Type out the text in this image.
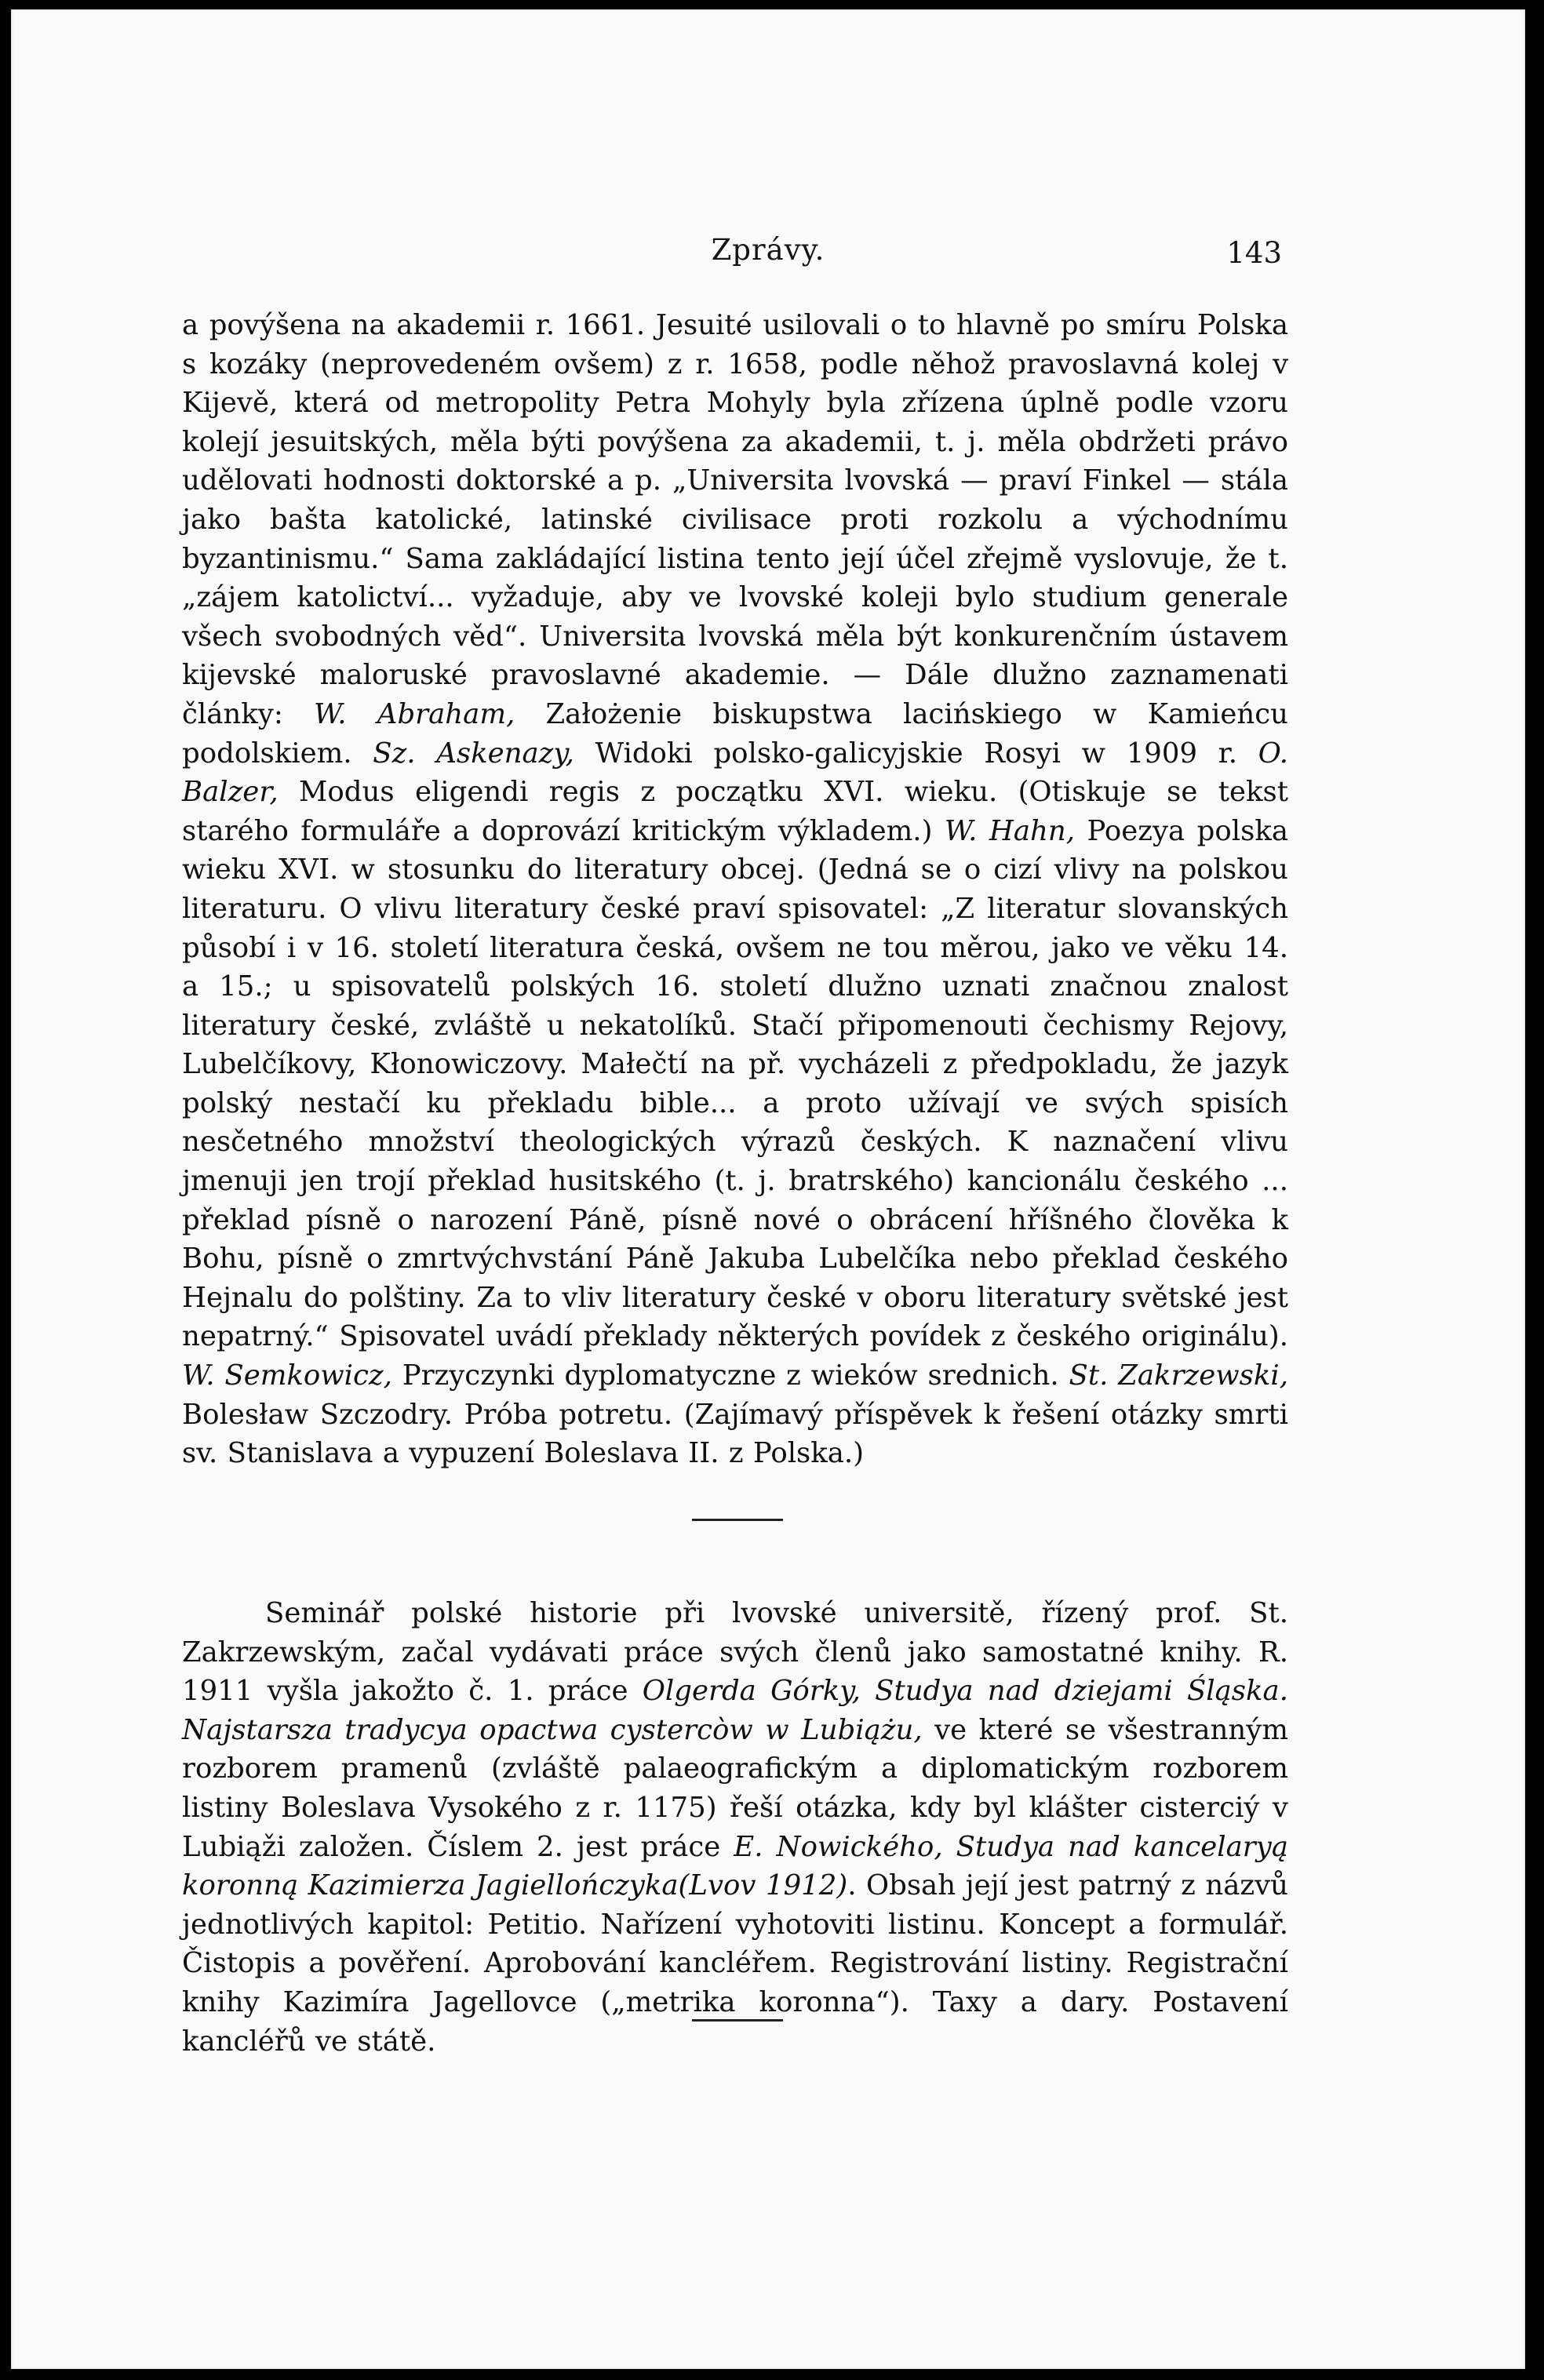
Zprávy.	143

a povýšena na akademii r. 1661. Jesuité usilovali o to hlavně po smíru Polska s kozáky (neprovedeném ovšem) z r. 1658, podle něhož pravoslavná kolej v Kijevě, která od metropolity Petra Mohyly byla zřízena úplně podle vzoru kolejí jesuitských, měla býti povýšena za akademii, t. j. měla obdržeti právo udělovati hodnosti doktorské a p. „Universita lvovská — praví Finkel — stála jako bašta katolické, latinské civilisace proti rozkolu a východnímu byzantinismu.“ Sama zakládající listina tento její účel zřejmě vyslovuje, že t. „zájem katolictví... vyžaduje, aby ve lvovské koleji bylo studium generale všech svobodných věd“. Universita lvovská měla být konkurenčním ústavem kijevské maloruské pravoslavné akademie. — Dále dlužno zaznamenati články: W. Abraham, Założenie biskupstwa lacińskiego w Kamieńcu podolskiem. Sz. Askenazy, Widoki polsko-galicyjskie Rosyi w 1909 r. O. Balzer, Modus eligendi regis z początku XVI. wieku. (Otiskuje se tekst starého formuláře a doprovází kritickým výkladem.) W. Hahn, Poezya polska wieku XVI. w stosunku do literatury obcej. (Jedná se o cizí vlivy na polskou literaturu. O vlivu literatury české praví spisovatel: „Z literatur slovanských působí i v 16. století literatura česká, ovšem ne tou měrou, jako ve věku 14. a 15.; u spisovatelů polských 16. století dlužno uznati značnou znalost literatury české, zvláště u nekatolíků. Stačí připomenouti čechismy Rejovy, Lubelčíkovy, Kłonowiczovy. Małečtí na př. vycházeli z předpokladu, že jazyk polský nestačí ku překladu bible... a proto užívají ve svých spisích nesčetného množství theologických výrazů českých. K naznačení vlivu jmenuji jen trojí překlad husitského (t. j. bratrského) kancionálu českého ... překlad písně o narození Páně, písně nové o obrácení hříšného člověka k Bohu, písně o zmrtvýchvstání Páně Jakuba Lubelčíka nebo překlad českého Hejnalu do polštiny. Za to vliv literatury české v oboru literatury světské jest nepatrný.“ Spisovatel uvádí překlady některých povídek z českého originálu). W. Semkowicz, Przyczynki dyplomatyczne z wieków srednich. St. Zakrzewski, Bolesław Szczodry. Próba potretu. (Zajímavý příspěvek k řešení otázky smrti sv. Stanislava a vypuzení Boleslava II. z Polska.)

Seminář polské historie při lvovské universitě, řízený prof. St. Zakrzewským, začal vydávati práce svých členů jako samostatné knihy. R. 1911 vyšla jakožto č. 1. práce Olgerda Górky, Studya nad dziejami Śląska. Najstarsza tradycya opactwa cystercòw w Lubiążu, ve které se všestranným rozborem pramenů (zvláště palaeografickým a diplomatickým rozborem listiny Boleslava Vysokého z r. 1175) řeší otázka, kdy byl klášter cisterciý v Lubiąži založen. Číslem 2. jest práce E. Nowického, Studya nad kancelaryą koronną Kazimierza Jagiellończyka(Lvov 1912). Obsah její jest patrný z názvů jednotlivých kapitol: Petitio. Nařízení vyhotoviti listinu. Koncept a formulář. Čistopis a pověření. Aprobování kancléřem. Registrování listiny. Registrační knihy Kazimíra Jagellovce („metrika koronna“). Taxy a dary. Postavení kancléřů ve státě.
